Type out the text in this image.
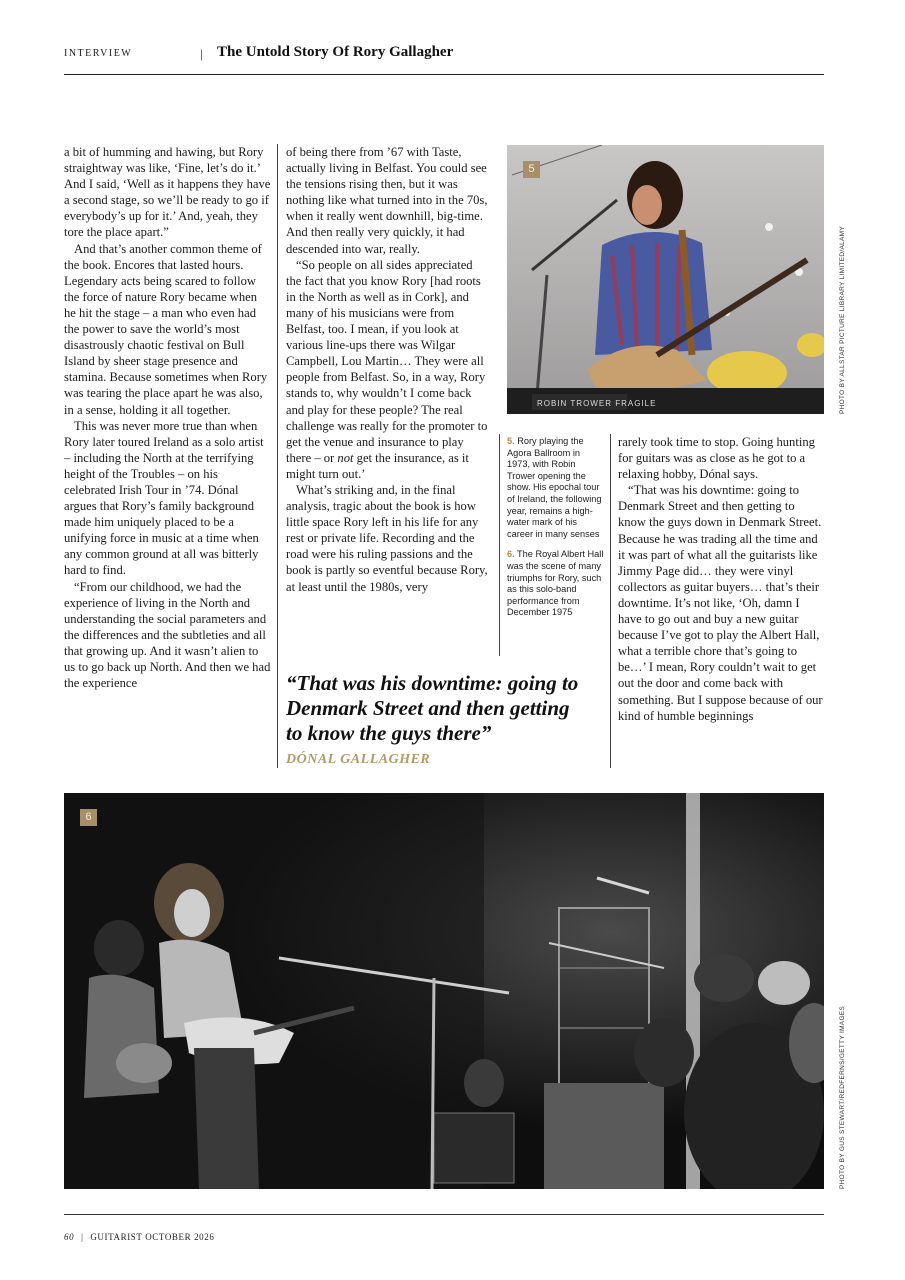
INTERVIEW	| The Untold Story Of Rory Gallagher

a bit of humming and hawing, but Rory straightway was like, ‘Fine, let’s do it.’ And I said, ‘Well as it happens they have a second stage, so we’ll be ready to go if everybody’s up for it.’ And, yeah, they tore the place apart.”

And that’s another common theme of the book. Encores that lasted hours. Legendary acts being scared to follow the force of nature Rory became when he hit the stage – a man who even had the power to save the world’s most disastrously chaotic festival on Bull Island by sheer stage presence and stamina. Because sometimes when Rory was tearing the place apart he was also, in a sense, holding it all together.

This was never more true than when Rory later toured Ireland as a solo artist – including the North at the terrifying height of the Troubles – on his celebrated Irish Tour in ’74. Dónal argues that Rory’s family background made him uniquely placed to be a unifying force in music at a time when any common ground at all was bitterly hard to find.

“From our childhood, we had the experience of living in the North and understanding the social parameters and the differences and the subtleties and all that growing up. And it wasn’t alien to us to go back up North. And then we had the experience

of being there from ’67 with Taste, actually living in Belfast. You could see the tensions rising then, but it was nothing like what turned into in the 70s, when it really went downhill, big-time. And then really very quickly, it had descended into war, really.

“So people on all sides appreciated the fact that you know Rory [had roots in the North as well as in Cork], and many of his musicians were from Belfast, too. I mean, if you look at various line-ups there was Wilgar Campbell, Lou Martin… They were all people from Belfast. So, in a way, Rory stands to, why wouldn’t I come back and play for these people? The real challenge was really for the promoter to get the venue and insurance to play there – or not get the insurance, as it might turn out.’

What’s striking and, in the final analysis, tragic about the book is how little space Rory left in his life for any rest or private life. Recording and the road were his ruling passions and the book is partly so eventful because Rory, at least until the 1980s, very

“That was his downtime: going to Denmark Street and then getting to know the guys there”
DÓNAL GALLAGHER
ROBIN TROWER FRAGILE
5
PHOTO BY ALLSTAR PICTURE LIBRARY LIMITED/ALAMY
5. Rory playing the Agora Ballroom in 1973, with Robin Trower opening the show. His epochal tour of Ireland, the following year, remains a high-water mark of his career in many senses
6. The Royal Albert Hall was the scene of many triumphs for Rory, such as this solo-band performance from December 1975

rarely took time to stop. Going hunting for guitars was as close as he got to a relaxing hobby, Dónal says.

“That was his downtime: going to Denmark Street and then getting to know the guys down in Denmark Street. Because he was trading all the time and it was part of what all the guitarists like Jimmy Page did… they were vinyl collectors as guitar buyers… that’s their downtime. It’s not like, ‘Oh, damn I have to go out and buy a new guitar because I’ve got to play the Albert Hall, what a terrible chore that’s going to be…’ I mean, Rory couldn’t wait to get out the door and come back with something. But I suppose because of our kind of humble beginnings

6
PHOTO BY GUS STEWART/REDFERNS/GETTY IMAGES
60 | GUITARIST OCTOBER 2026
